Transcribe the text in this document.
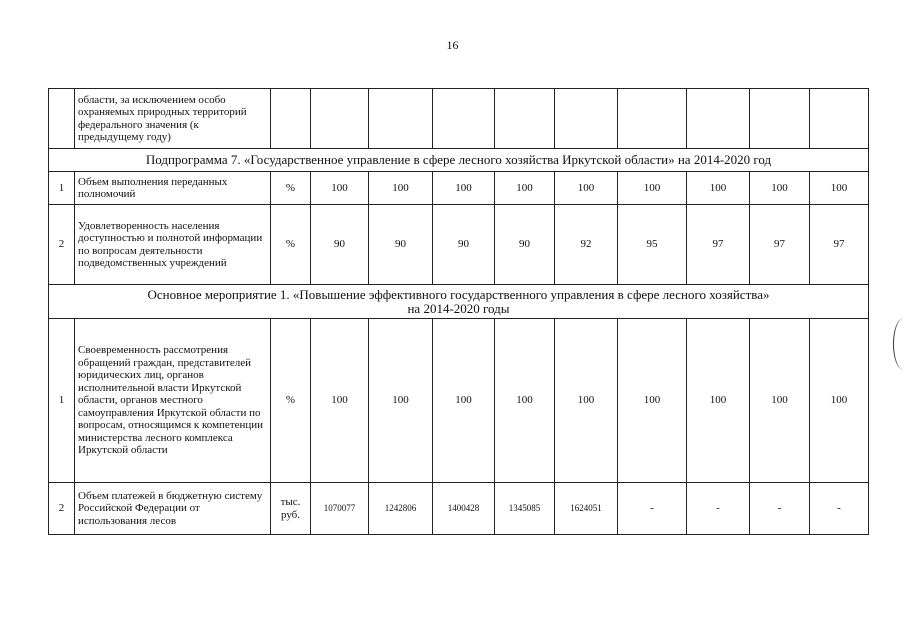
16
	области, за исключением особо охраняемых природных территорий федерального значения (к предыдущему году)										
Подпрограмма 7. «Государственное управление в сфере лесного хозяйства Иркутской области» на 2014-2020 год											
1	Объем выполнения переданных полномочий	%	100	100	100	100	100	100	100	100	100
2	Удовлетворенность населения доступностью и полнотой информации по вопросам деятельности подведомственных учреждений	%	90	90	90	90	92	95	97	97	97
Основное мероприятие 1. «Повышение эффективного государственного управления в сфере лесного хозяйства»
на 2014-2020 годы											
1	Своевременность рассмотрения обращений граждан, представителей юридических лиц, органов исполнительной власти Иркутской области, органов местного самоуправления Иркутской области по вопросам, относящимся к компетенции министерства лесного комплекса Иркутской области	%	100	100	100	100	100	100	100	100	100
2	Объем платежей в бюджетную систему Российской Федерации от использования лесов	тыс. руб.	1070077	1242806	1400428	1345085	1624051	-	-	-	-
